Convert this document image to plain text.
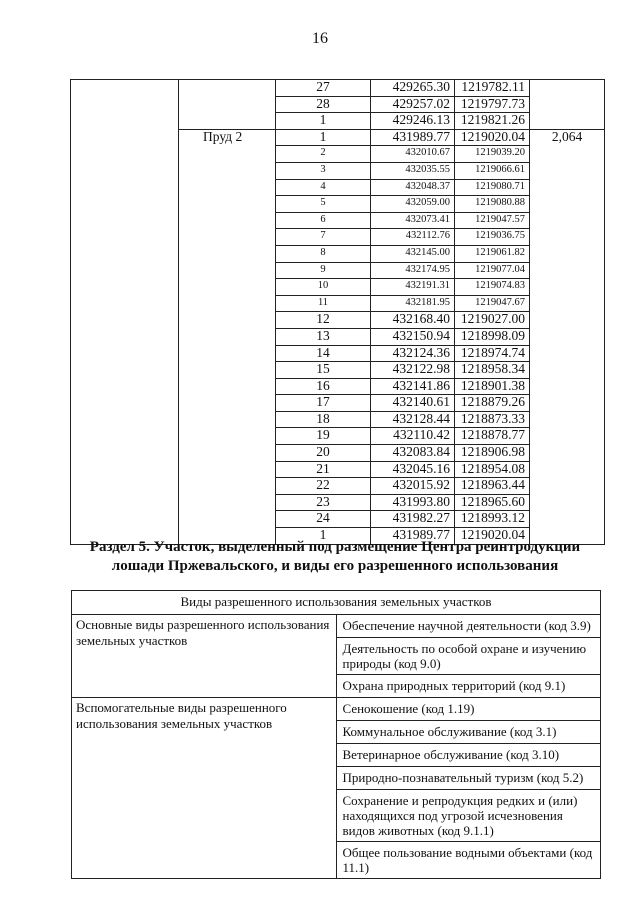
16
		27	429265.30	1219782.11	
		28	429257.02	1219797.73	
		1	429246.13	1219821.26	
	Пруд 2	1	431989.77	1219020.04	2,064
		2	432010.67	1219039.20	
		3	432035.55	1219066.61	
		4	432048.37	1219080.71	
		5	432059.00	1219080.88	
		6	432073.41	1219047.57	
		7	432112.76	1219036.75	
		8	432145.00	1219061.82	
		9	432174.95	1219077.04	
		10	432191.31	1219074.83	
		11	432181.95	1219047.67	
		12	432168.40	1219027.00	
		13	432150.94	1218998.09	
		14	432124.36	1218974.74	
		15	432122.98	1218958.34	
		16	432141.86	1218901.38	
		17	432140.61	1218879.26	
		18	432128.44	1218873.33	
		19	432110.42	1218878.77	
		20	432083.84	1218906.98	
		21	432045.16	1218954.08	
		22	432015.92	1218963.44	
		23	431993.80	1218965.60	
		24	431982.27	1218993.12	
		1	431989.77	1219020.04	
Раздел 5. Участок, выделенный под размещение Центра реинтродукции
лошади Пржевальского, и виды его разрешенного использования
Виды разрешенного использования земельных участков	
Основные виды разрешенного использования земельных участков	Обеспечение научной деятельности (код 3.9)
	Деятельность по особой охране и изучению природы (код 9.0)
	Охрана природных территорий (код 9.1)
Вспомогательные виды разрешенного использования земельных участков	Сенокошение (код 1.19)
	Коммунальное обслуживание (код 3.1)
	Ветеринарное обслуживание (код 3.10)
	Природно-познавательный туризм (код 5.2)
	Сохранение и репродукция редких и (или) находящихся под угрозой исчезновения видов животных (код 9.1.1)
	Общее пользование водными объектами (код 11.1)
